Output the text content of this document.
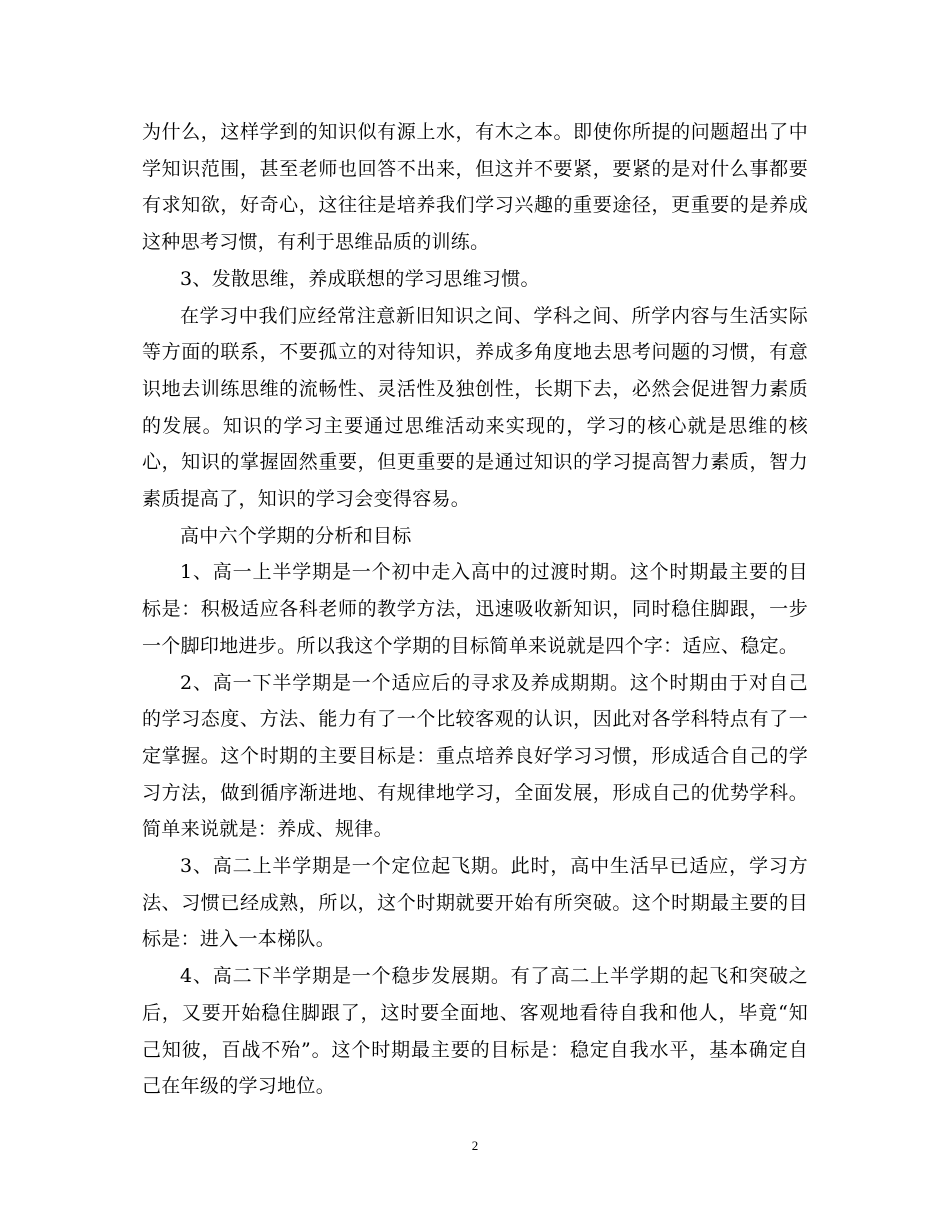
为什么，这样学到的知识似有源上水，有木之本。即使你所提的问题超出了中学知识范围，甚至老师也回答不出来，但这并不要紧，要紧的是对什么事都要有求知欲，好奇心，这往往是培养我们学习兴趣的重要途径，更重要的是养成这种思考习惯，有利于思维品质的训练。

3、发散思维，养成联想的学习思维习惯。

在学习中我们应经常注意新旧知识之间、学科之间、所学内容与生活实际等方面的联系，不要孤立的对待知识，养成多角度地去思考问题的习惯，有意识地去训练思维的流畅性、灵活性及独创性，长期下去，必然会促进智力素质的发展。知识的学习主要通过思维活动来实现的，学习的核心就是思维的核心，知识的掌握固然重要，但更重要的是通过知识的学习提高智力素质，智力素质提高了，知识的学习会变得容易。

高中六个学期的分析和目标

1、高一上半学期是一个初中走入高中的过渡时期。这个时期最主要的目标是：积极适应各科老师的教学方法，迅速吸收新知识，同时稳住脚跟，一步一个脚印地进步。所以我这个学期的目标简单来说就是四个字：适应、稳定。

2、高一下半学期是一个适应后的寻求及养成期期。这个时期由于对自己的学习态度、方法、能力有了一个比较客观的认识，因此对各学科特点有了一定掌握。这个时期的主要目标是：重点培养良好学习习惯，形成适合自己的学习方法，做到循序渐进地、有规律地学习，全面发展，形成自己的优势学科。简单来说就是：养成、规律。

3、高二上半学期是一个定位起飞期。此时，高中生活早已适应，学习方法、习惯已经成熟，所以，这个时期就要开始有所突破。这个时期最主要的目标是：进入一本梯队。

4、高二下半学期是一个稳步发展期。有了高二上半学期的起飞和突破之后，又要开始稳住脚跟了，这时要全面地、客观地看待自我和他人，毕竟“知己知彼，百战不殆”。这个时期最主要的目标是：稳定自我水平，基本确定自己在年级的学习地位。

2
